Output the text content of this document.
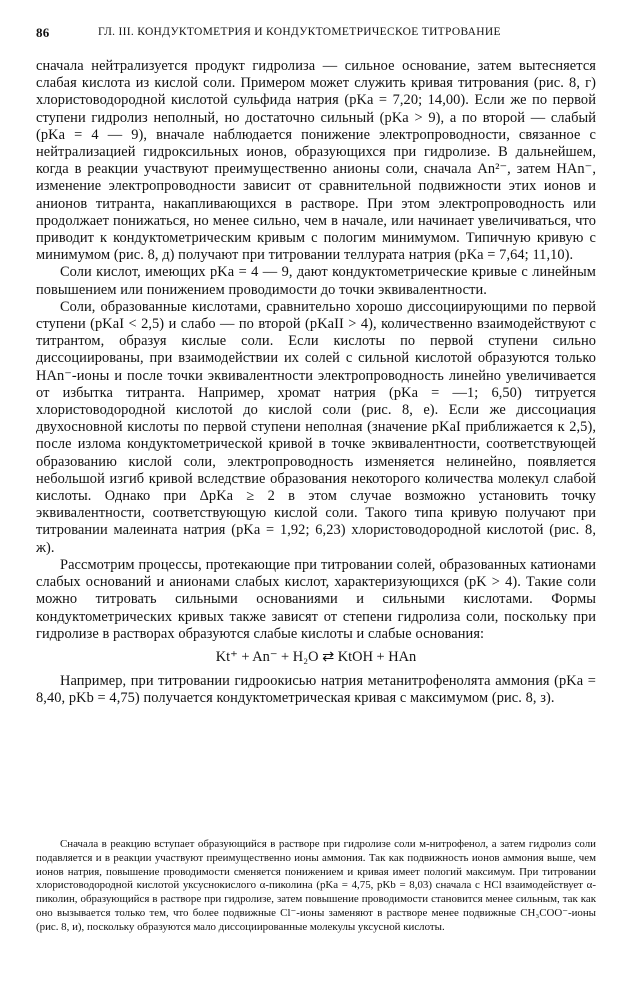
86	ГЛ. III. КОНДУКТОМЕТРИЯ И КОНДУКТОМЕТРИЧЕСКОЕ ТИТРОВАНИЕ

сначала нейтрализуется продукт гидролиза — сильное основание, затем вытесняется слабая кислота из кислой соли. Примером может служить кривая титрования (рис. 8, г) хлористоводородной кислотой сульфида натрия (pKa = 7,20; 14,00). Если же по первой ступени гидролиз неполный, но достаточно сильный (pKa > 9), а по второй — слабый (pKa = 4 — 9), вначале наблюдается понижение электропроводности, связанное с нейтрализацией гидроксильных ионов, образующихся при гидролизе. В дальнейшем, когда в реакции участвуют преимущественно анионы соли, сначала An²⁻, затем HAn⁻, изменение электропроводности зависит от сравнительной подвижности этих ионов и анионов титранта, накапливающихся в растворе. При этом электропроводность или продолжает понижаться, но менее сильно, чем в начале, или начинает увеличиваться, что приводит к кондуктометрическим кривым с пологим минимумом. Типичную кривую с минимумом (рис. 8, д) получают при титровании теллурата натрия (pKa = 7,64; 11,10).

Соли кислот, имеющих pKa = 4 — 9, дают кондуктометрические кривые с линейным повышением или понижением проводимости до точки эквивалентности.

Соли, образованные кислотами, сравнительно хорошо диссоциирующими по первой ступени (pKaI < 2,5) и слабо — по второй (pKaII > 4), количественно взаимодействуют с титрантом, образуя кислые соли. Если кислоты по первой ступени сильно диссоциированы, при взаимодействии их солей с сильной кислотой образуются только HAn⁻-ионы и после точки эквивалентности электропроводность линейно увеличивается от избытка титранта. Например, хромат натрия (pKa = —1; 6,50) титруется хлористоводородной кислотой до кислой соли (рис. 8, е). Если же диссоциация двухосновной кислоты по первой ступени неполная (значение pKaI приближается к 2,5), после излома кондуктометрической кривой в точке эквивалентности, соответствующей образованию кислой соли, электропроводность изменяется нелинейно, появляется небольшой изгиб кривой вследствие образования некоторого количества молекул слабой кислоты. Однако при ΔpKa ≥ 2 в этом случае возможно установить точку эквивалентности, соответствующую кислой соли. Такого типа кривую получают при титровании малеината натрия (pKa = 1,92; 6,23) хлористоводородной кислотой (рис. 8, ж).

Рассмотрим процессы, протекающие при титровании солей, образованных катионами слабых оснований и анионами слабых кислот, характеризующихся (pK > 4). Такие соли можно титровать сильными основаниями и сильными кислотами. Формы кондуктометрических кривых также зависят от степени гидролиза соли, поскольку при гидролизе в растворах образуются слабые кислоты и слабые основания:

Kt⁺ + An⁻ + H₂O ⇄ KtOH + HAn

Например, при титровании гидроокисью натрия метанитрофенолята аммония (pKa = 8,40, pKb = 4,75) получается кондуктометрическая кривая с максимумом (рис. 8, з).

Сначала в реакцию вступает образующийся в растворе при гидролизе соли м-нитрофенол, а затем гидролиз соли подавляется и в реакции участвуют преимущественно ионы аммония. Так как подвижность ионов аммония выше, чем ионов натрия, повышение проводимости сменяется понижением и кривая имеет пологий максимум. При титровании хлористоводородной кислотой уксуснокислого α-пиколина (pKa = 4,75, pKb = 8,03) сначала с HCl взаимодействует α-пиколин, образующийся в растворе при гидролизе, затем повышение проводимости становится менее сильным, так как оно вызывается только тем, что более подвижные Cl⁻-ионы заменяют в растворе менее подвижные CH₃COO⁻-ионы (рис. 8, и), поскольку образуются мало диссоциированные молекулы уксусной кислоты.
